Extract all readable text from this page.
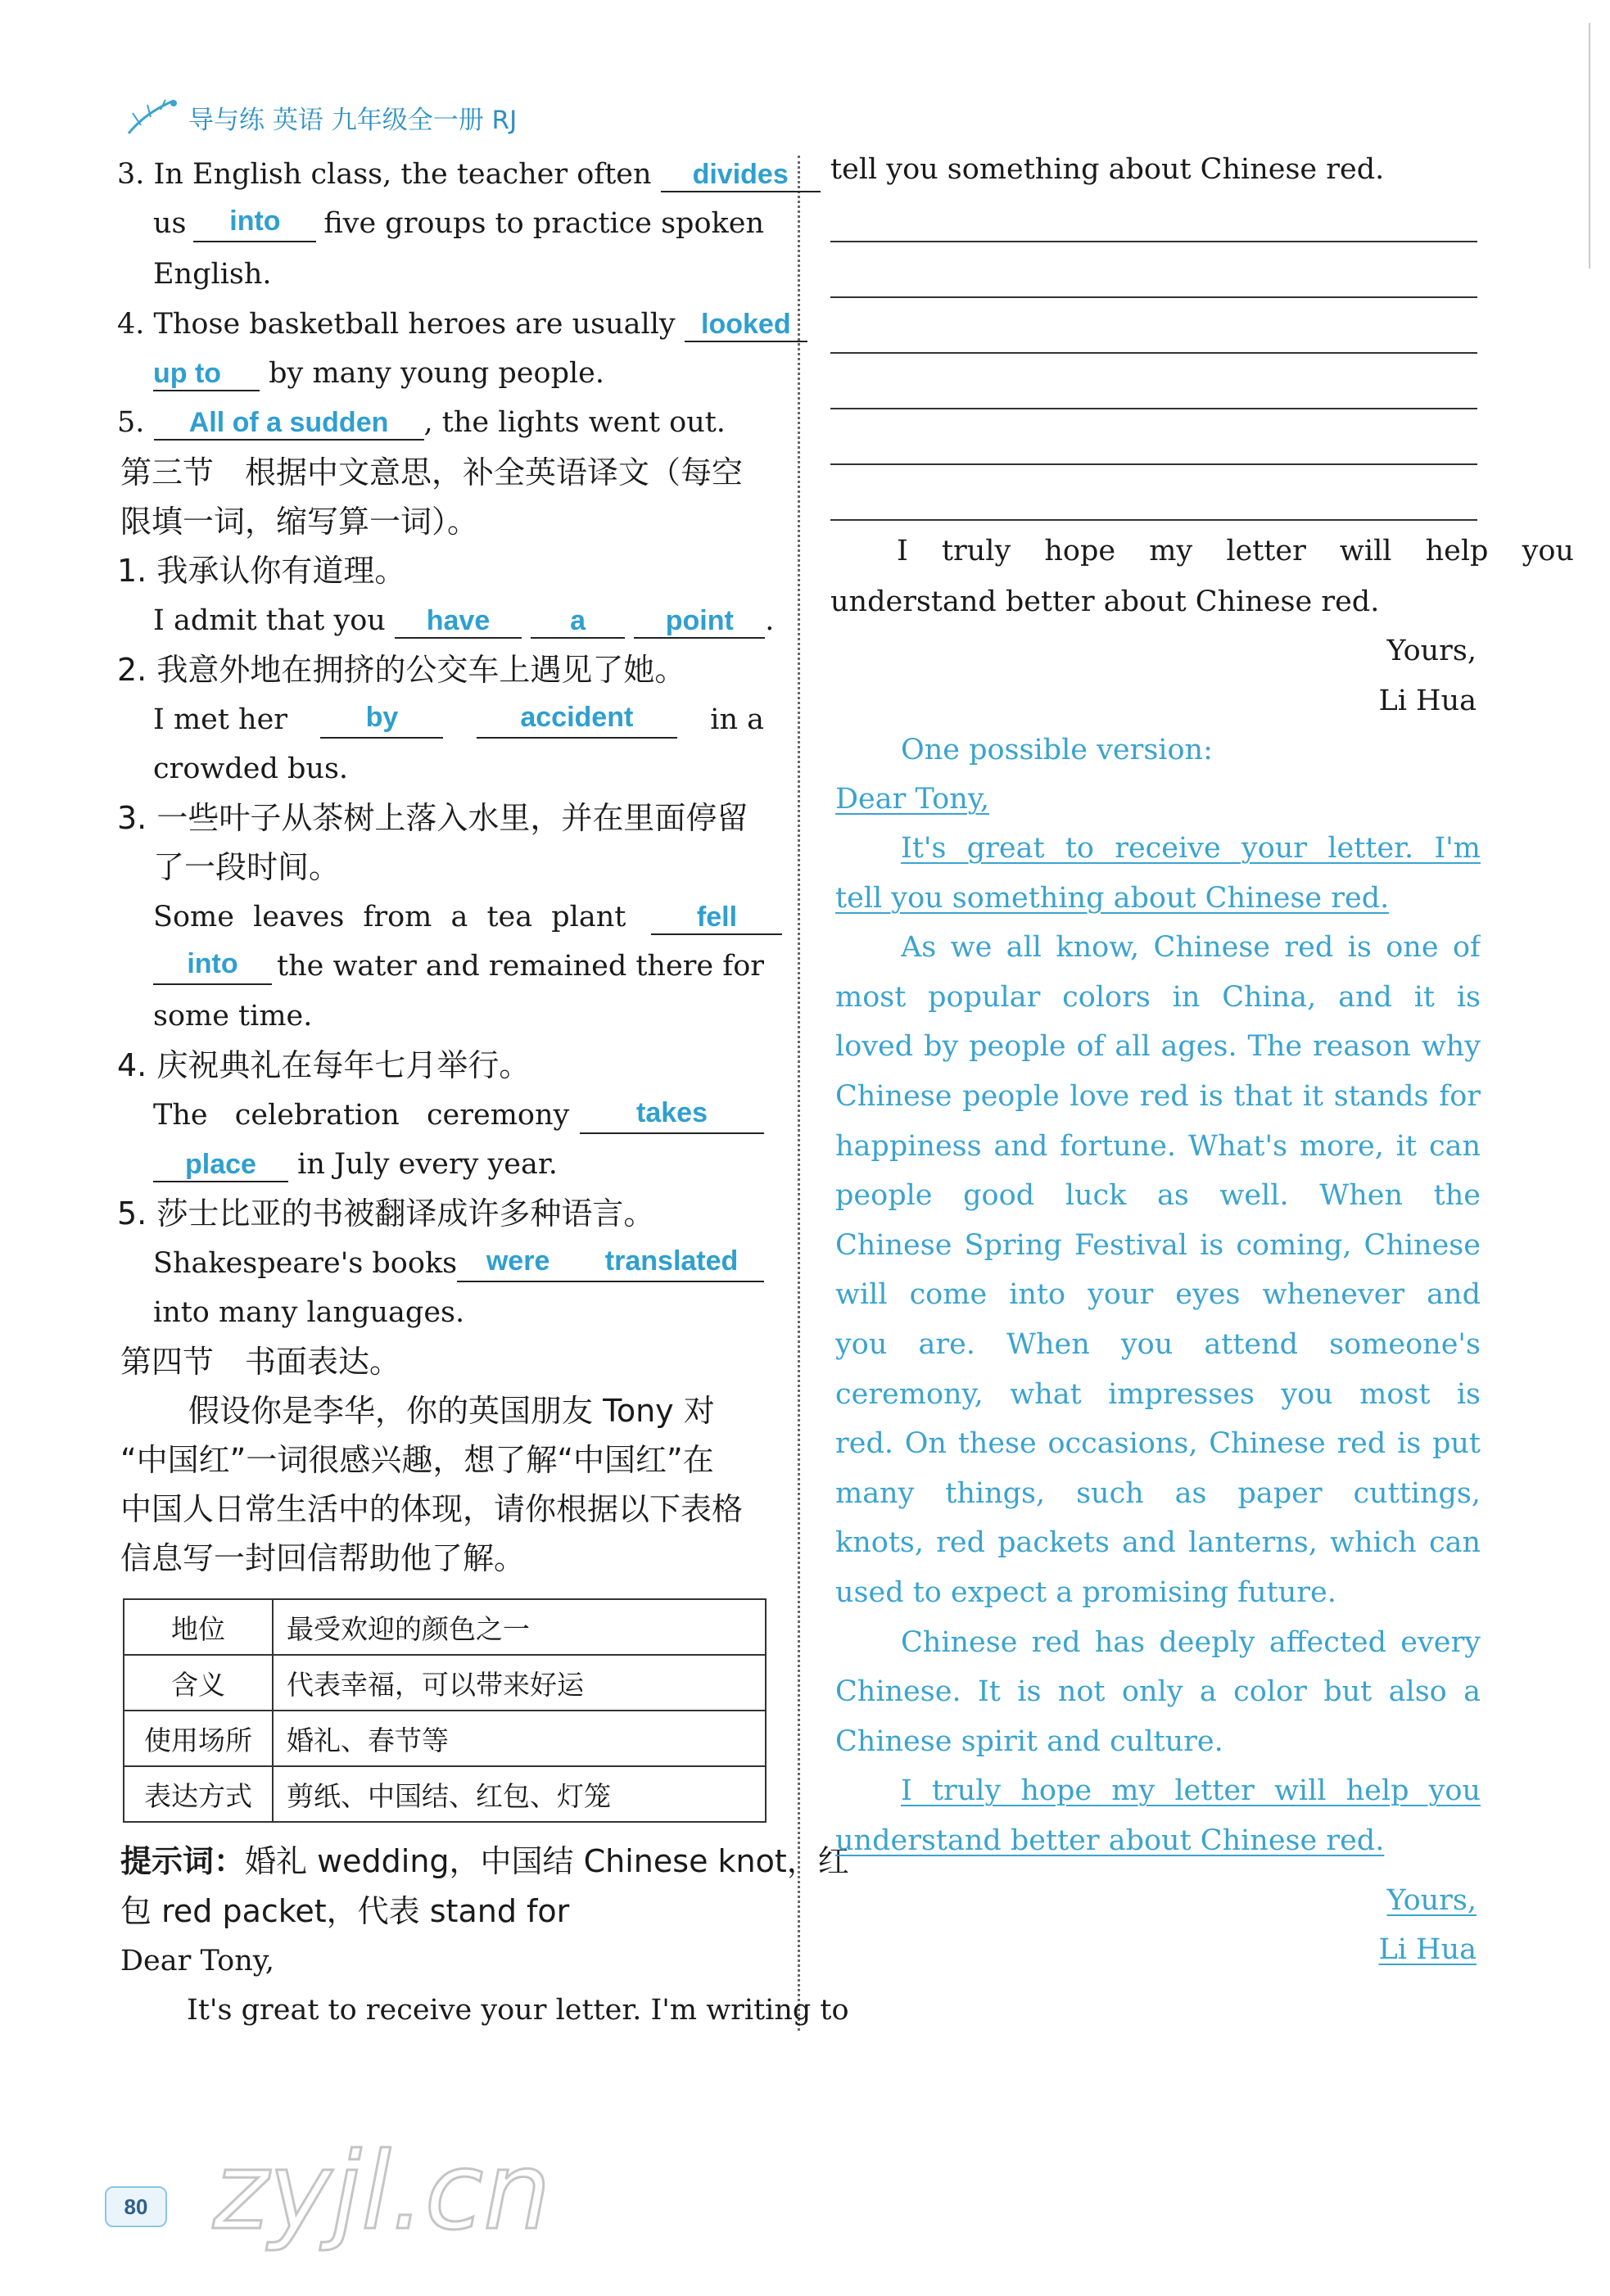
导与练 英语 九年级全一册 RJ
3. In English class, the teacher often divides
us	into	five groups to practice spoken
English.
4. Those basketball heroes are usually looked
up to by many young people.
5. All of a sudden , the lights went out.
第三节　根据中文意思，补全英语译文（每空
限填一词，缩写算一词）。
1. 我承认你有道理。
I admit that you have	a	point .
2. 我意外地在拥挤的公交车上遇见了她。
I met her	by	accident	in a
crowded bus.
3. 一些叶子从茶树上落入水里，并在里面停留
了一段时间。
Some leaves from a tea plant	fell
into	the water and remained there for
some time.
4. 庆祝典礼在每年七月举行。
The celebration ceremony	takes
place in July every year.
5. 莎士比亚的书被翻译成许多种语言。
Shakespeare's books	were	translated
into many languages.
第四节　书面表达。
假设你是李华，你的英国朋友 Tony 对
“中国红”一词很感兴趣，想了解“中国红”在
中国人日常生活中的体现，请你根据以下表格
信息写一封回信帮助他了解。
地位	最受欢迎的颜色之一
含义	代表幸福，可以带来好运
使用场所	婚礼、春节等
表达方式	剪纸、中国结、红包、灯笼
提示词：婚礼 wedding，中国结 Chinese knot，红
包 red packet，代表 stand for
Dear Tony,
It's great to receive your letter. I'm writing to
tell you something about Chinese red.
I truly hope my letter will help you
understand better about Chinese red.
Yours,
Li Hua
One possible version:
Dear Tony,
It's great to receive your letter. I'm
tell you something about Chinese red.
As we all know, Chinese red is one of
most popular colors in China, and it is
loved by people of all ages. The reason why
Chinese people love red is that it stands for
happiness and fortune. What's more, it can
people good luck as well. When the
Chinese Spring Festival is coming, Chinese
will come into your eyes whenever and
you are. When you attend someone's
ceremony, what impresses you most is
red. On these occasions, Chinese red is put
many things, such as paper cuttings,
knots, red packets and lanterns, which can
used to expect a promising future.
Chinese red has deeply affected every
Chinese. It is not only a color but also a
Chinese spirit and culture.
I truly hope my letter will help you
understand better about Chinese red.
Yours,
Li Hua
80 zyjl.cn
